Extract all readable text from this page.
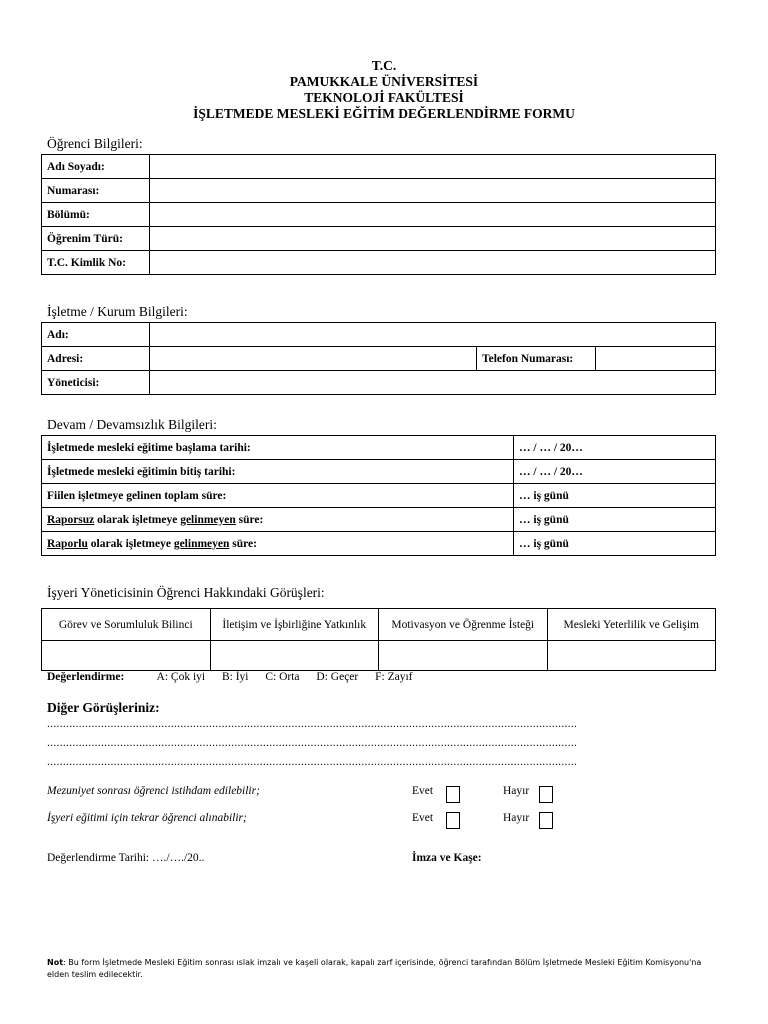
T.C.
PAMUKKALE ÜNİVERSİTESİ
TEKNOLOJİ FAKÜLTESİ
İŞLETMEDE MESLEKİ EĞİTİM DEĞERLENDİRME FORMU
Öğrenci Bilgileri:
Adı Soyadı:	
Numarası:	
Bölümü:	
Öğrenim Türü:	
T.C. Kimlik No:	
İşletme / Kurum Bilgileri:
Adı:			
Adresi:		Telefon Numarası:	
Yöneticisi:			
Devam / Devamsızlık Bilgileri:
İşletmede mesleki eğitime başlama tarihi:	… / … / 20…
İşletmede mesleki eğitimin bitiş tarihi:	… / … / 20…
Fiilen işletmeye gelinen toplam süre:	… iş günü
Raporsuz olarak işletmeye gelinmeyen süre:	… iş günü
Raporlu olarak işletmeye gelinmeyen süre:	… iş günü
İşyeri Yöneticisinin Öğrenci Hakkındaki Görüşleri:
Görev ve Sorumluluk Bilinci	İletişim ve İşbirliğine Yatkınlık	Motivasyon ve Öğrenme İsteği	Mesleki Yeterlilik ve Gelişim

Değerlendirme:	A: Çok iyi B: İyi C: Orta D: Geçer F: Zayıf
Diğer Görüşleriniz:
.......................................................................................................................................................................
.......................................................................................................................................................................
.......................................................................................................................................................................
Mezuniyet sonrası öğrenci istihdam edilebilir;	Evet	Hayır
İşyeri eğitimi için tekrar öğrenci alınabilir;	Evet	Hayır
Değerlendirme Tarihi: …./…./20..	İmza ve Kaşe:
Not: Bu form İşletmede Mesleki Eğitim sonrası ıslak imzalı ve kaşeli olarak, kapalı zarf içerisinde, öğrenci tarafından Bölüm İşletmede Mesleki Eğitim Komisyonu'na elden teslim edilecektir.
